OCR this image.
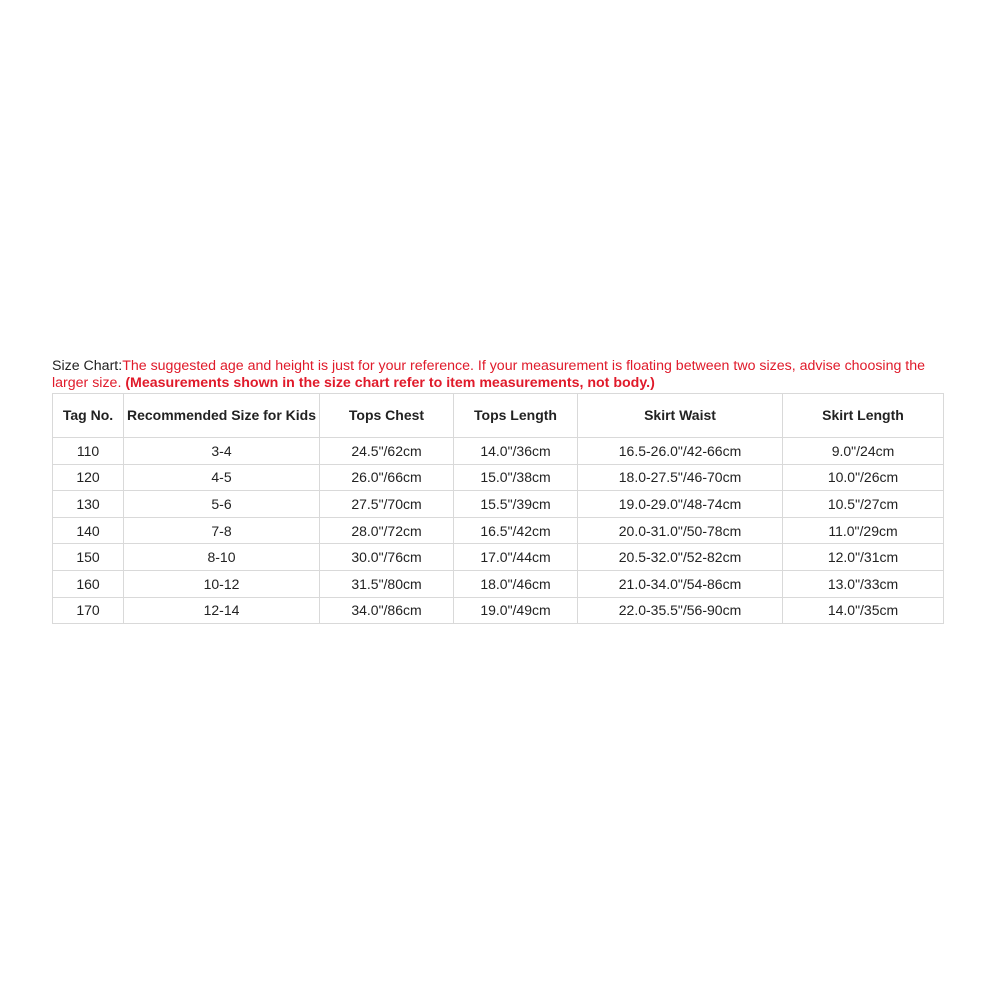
Size Chart:The suggested age and height is just for your reference. If your measurement is floating between two sizes, advise choosing the larger size. (Measurements shown in the size chart refer to item measurements, not body.)

Tag No.	Recommended Size for Kids	Tops Chest	Tops Length	Skirt Waist	Skirt Length
110	3-4	24.5"/62cm	14.0"/36cm	16.5-26.0"/42-66cm	9.0"/24cm
120	4-5	26.0"/66cm	15.0"/38cm	18.0-27.5"/46-70cm	10.0"/26cm
130	5-6	27.5"/70cm	15.5"/39cm	19.0-29.0"/48-74cm	10.5"/27cm
140	7-8	28.0"/72cm	16.5"/42cm	20.0-31.0"/50-78cm	11.0"/29cm
150	8-10	30.0"/76cm	17.0"/44cm	20.5-32.0"/52-82cm	12.0"/31cm
160	10-12	31.5"/80cm	18.0"/46cm	21.0-34.0"/54-86cm	13.0"/33cm
170	12-14	34.0"/86cm	19.0"/49cm	22.0-35.5"/56-90cm	14.0"/35cm
